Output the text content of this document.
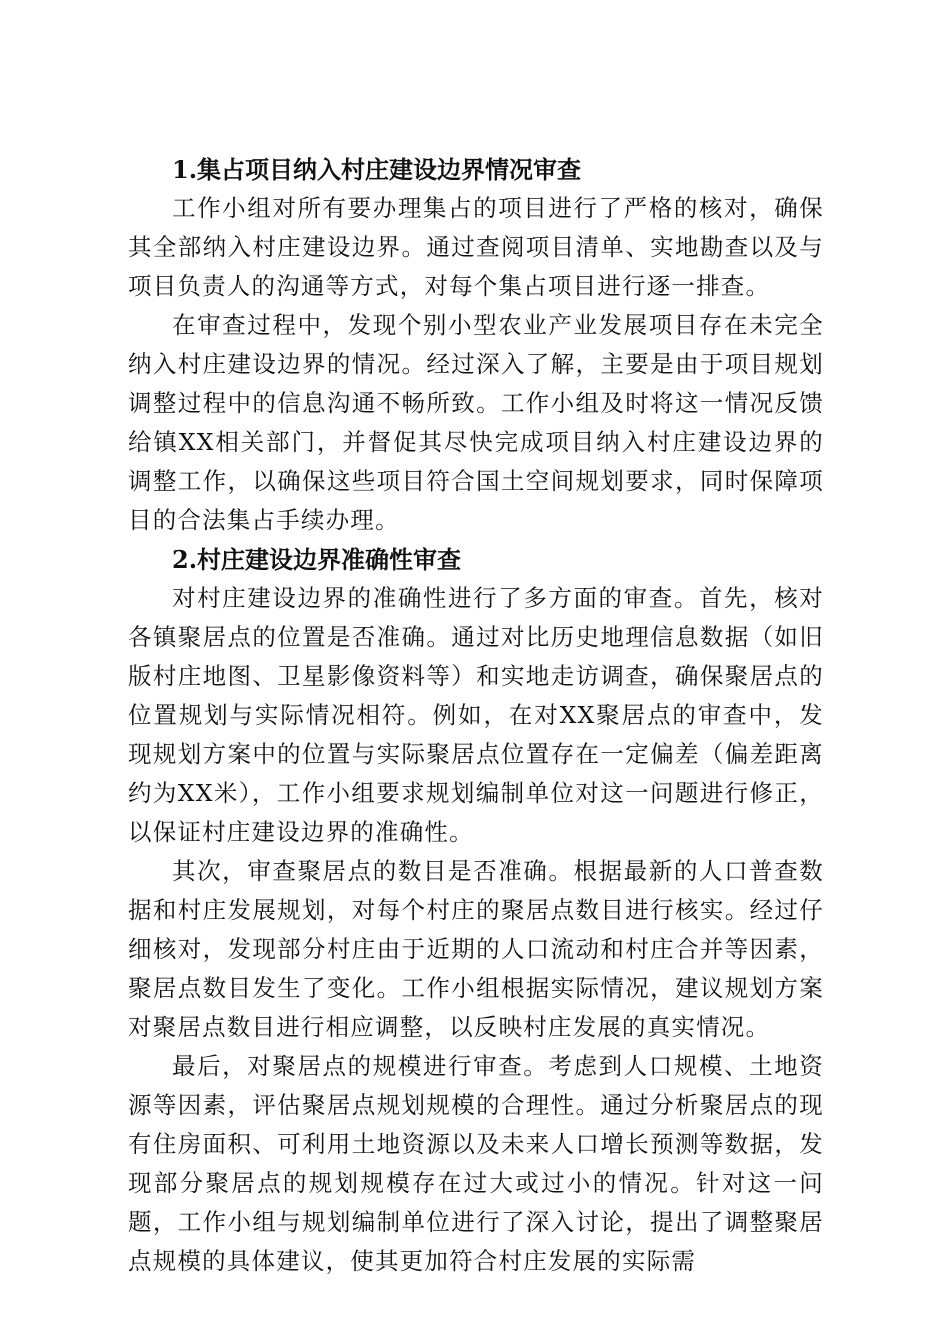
1.集占项目纳入村庄建设边界情况审查

工作小组对所有要办理集占的项目进行了严格的核对，确保其全部纳入村庄建设边界。通过查阅项目清单、实地勘查以及与项目负责人的沟通等方式，对每个集占项目进行逐一排查。

在审查过程中，发现个别小型农业产业发展项目存在未完全纳入村庄建设边界的情况。经过深入了解，主要是由于项目规划调整过程中的信息沟通不畅所致。工作小组及时将这一情况反馈给镇XX相关部门，并督促其尽快完成项目纳入村庄建设边界的调整工作，以确保这些项目符合国土空间规划要求，同时保障项目的合法集占手续办理。

2.村庄建设边界准确性审查

对村庄建设边界的准确性进行了多方面的审查。首先，核对各镇聚居点的位置是否准确。通过对比历史地理信息数据（如旧版村庄地图、卫星影像资料等）和实地走访调查，确保聚居点的位置规划与实际情况相符。例如，在对XX聚居点的审查中，发现规划方案中的位置与实际聚居点位置存在一定偏差（偏差距离约为XX米），工作小组要求规划编制单位对这一问题进行修正，以保证村庄建设边界的准确性。

其次，审查聚居点的数目是否准确。根据最新的人口普查数据和村庄发展规划，对每个村庄的聚居点数目进行核实。经过仔细核对，发现部分村庄由于近期的人口流动和村庄合并等因素，聚居点数目发生了变化。工作小组根据实际情况，建议规划方案对聚居点数目进行相应调整，以反映村庄发展的真实情况。

最后，对聚居点的规模进行审查。考虑到人口规模、土地资源等因素，评估聚居点规划规模的合理性。通过分析聚居点的现有住房面积、可利用土地资源以及未来人口增长预测等数据，发现部分聚居点的规划规模存在过大或过小的情况。针对这一问题，工作小组与规划编制单位进行了深入讨论，提出了调整聚居点规模的具体建议，使其更加符合村庄发展的实际需
